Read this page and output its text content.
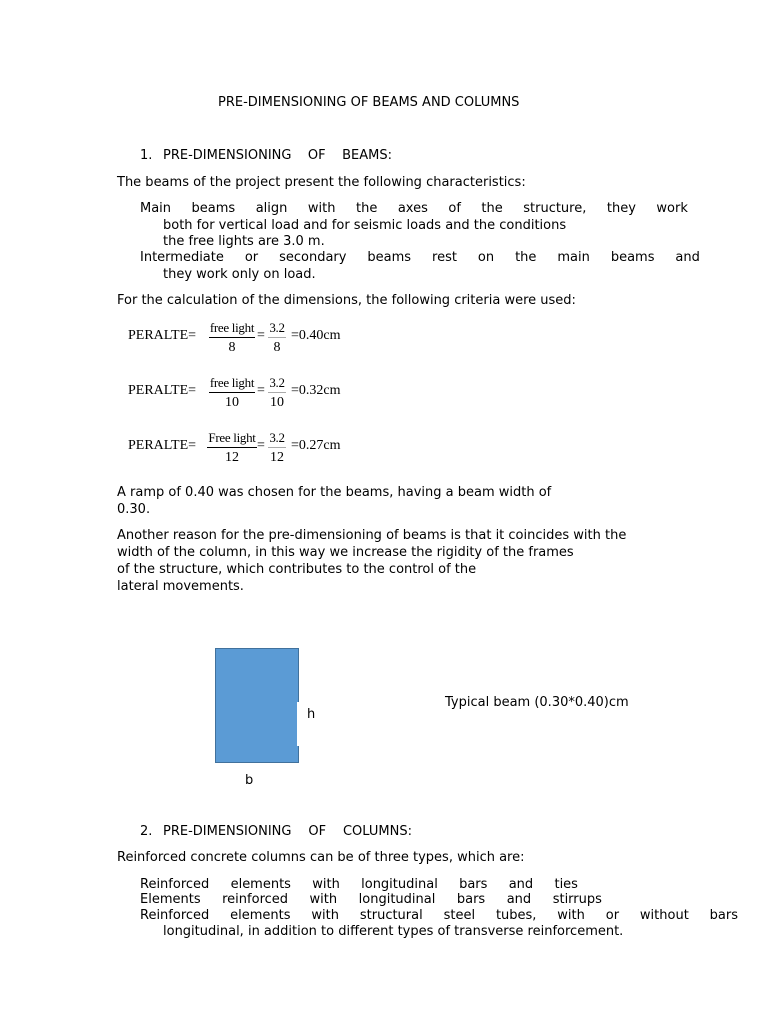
PRE-DIMENSIONING OF BEAMS AND COLUMNS
1. PRE-DIMENSIONING OF BEAMS:
The beams of the project present the following characteristics:
Main beams align with the axes of the structure, they work
both for vertical load and for seismic loads and the conditions
the free lights are 3.0 m.
Intermediate or secondary beams rest on the main beams and
they work only on load.
For the calculation of the dimensions, the following criteria were used:
PERALTE=
free light
8
= $\frac{3.2}{8} =0.40cm$
PERALTE=
free light
10
= $\frac{3.2}{10} =0.32cm$
PERALTE=
Free light
12
= $\frac{3.2}{12} =0.27cm$
A ramp of 0.40 was chosen for the beams, having a beam width of
0.30.
Another reason for the pre-dimensioning of beams is that it coincides with the
width of the column, in this way we increase the rigidity of the frames
of the structure, which contributes to the control of the
lateral movements.
h
b
Typical beam (0.30*0.40)cm
2. PRE-DIMENSIONING OF COLUMNS:
Reinforced concrete columns can be of three types, which are:
Reinforced elements with longitudinal bars and ties
Elements reinforced with longitudinal bars and stirrups
Reinforced elements with structural steel tubes, with or without bars
longitudinal, in addition to different types of transverse reinforcement.
